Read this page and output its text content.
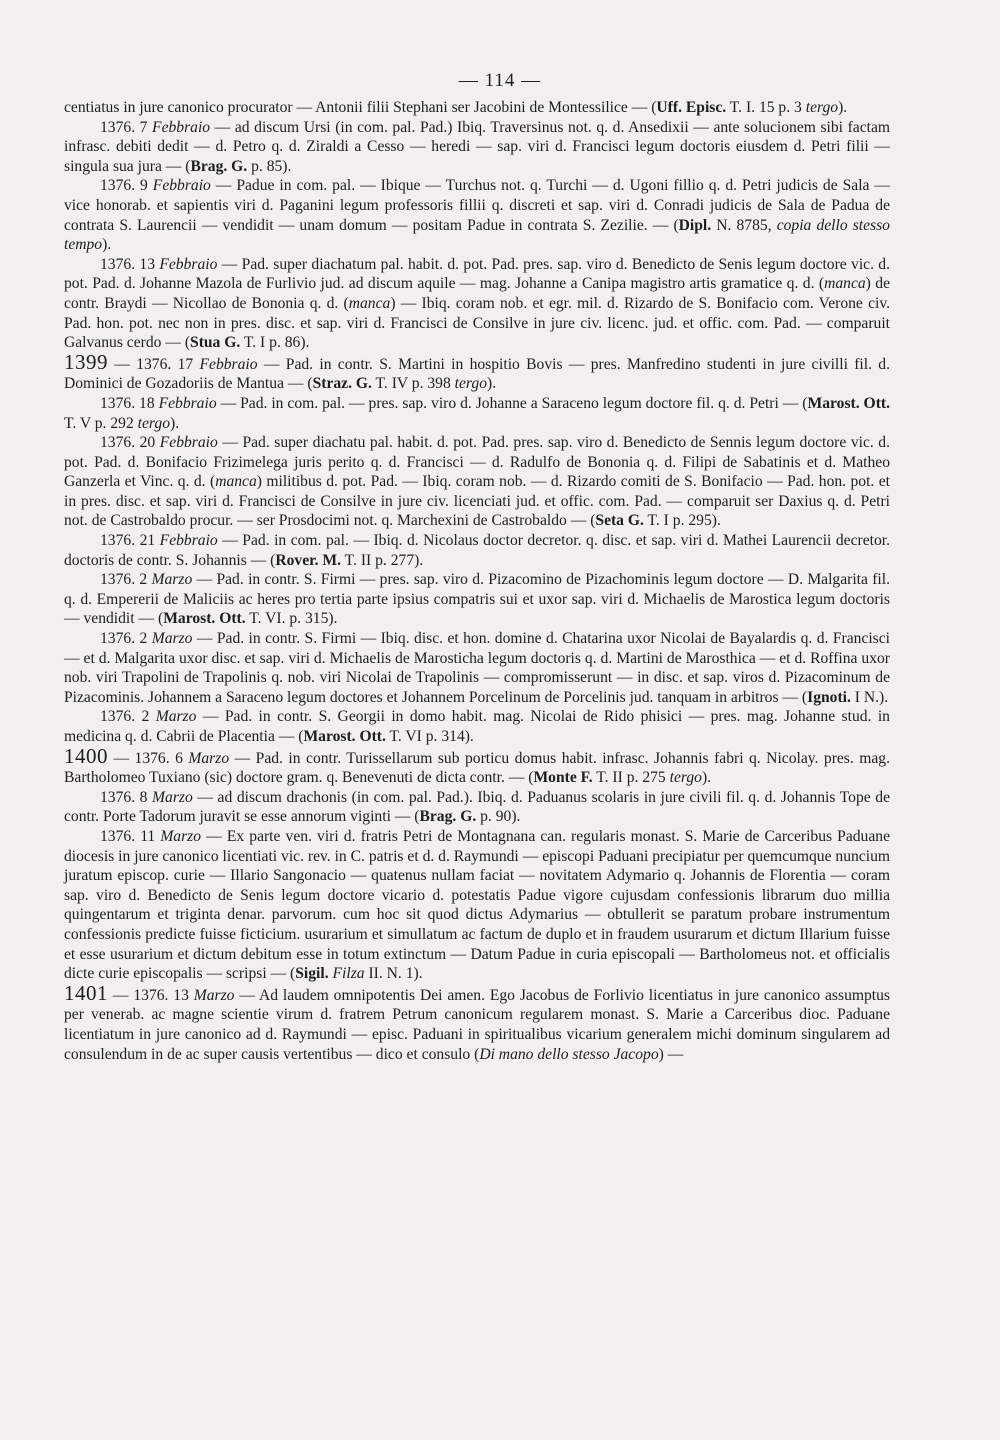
— 114 —

centiatus in jure canonico procurator — Antonii filii Stephani ser Jacobini de Montessilice — (Uff. Episc. T. I. 15 p. 3 tergo).

1376. 7 Febbraio — ad discum Ursi (in com. pal. Pad.) Ibiq. Traversinus not. q. d. Ansedixii — ante solucionem sibi factam infrasc. debiti dedit — d. Petro q. d. Ziraldi a Cesso — heredi — sap. viri d. Francisci legum doctoris eiusdem d. Petri filii — singula sua jura — (Brag. G. p. 85).

1376. 9 Febbraio — Padue in com. pal. — Ibique — Turchus not. q. Turchi — d. Ugoni fillio q. d. Petri judicis de Sala — vice honorab. et sapientis viri d. Paganini legum professoris fillii q. discreti et sap. viri d. Conradi judicis de Sala de Padua de contrata S. Laurencii — vendidit — unam domum — positam Padue in contrata S. Zezilie. — (Dipl. N. 8785, copia dello stesso tempo).

1376. 13 Febbraio — Pad. super diachatum pal. habit. d. pot. Pad. pres. sap. viro d. Benedicto de Senis legum doctore vic. d. pot. Pad. d. Johanne Mazola de Furlivio jud. ad discum aquile — mag. Johanne a Canipa magistro artis gramatice q. d. (manca) de contr. Braydi — Nicollao de Bononia q. d. (manca) — Ibiq. coram nob. et egr. mil. d. Rizardo de S. Bonifacio com. Verone civ. Pad. hon. pot. nec non in pres. disc. et sap. viri d. Francisci de Consilve in jure civ. licenc. jud. et offic. com. Pad. — comparuit Galvanus cerdo — (Stua G. T. I p. 86).

1399 — 1376. 17 Febbraio — Pad. in contr. S. Martini in hospitio Bovis — pres. Manfredino studenti in jure civilli fil. d. Dominici de Gozadoriis de Mantua — (Straz. G. T. IV p. 398 tergo).

1376. 18 Febbraio — Pad. in com. pal. — pres. sap. viro d. Johanne a Saraceno legum doctore fil. q. d. Petri — (Marost. Ott. T. V p. 292 tergo).

1376. 20 Febbraio — Pad. super diachatu pal. habit. d. pot. Pad. pres. sap. viro d. Benedicto de Sennis legum doctore vic. d. pot. Pad. d. Bonifacio Frizimelega juris perito q. d. Francisci — d. Radulfo de Bononia q. d. Filipi de Sabatinis et d. Matheo Ganzerla et Vinc. q. d. (manca) militibus d. pot. Pad. — Ibiq. coram nob. — d. Rizardo comiti de S. Bonifacio — Pad. hon. pot. et in pres. disc. et sap. viri d. Francisci de Consilve in jure civ. licenciati jud. et offic. com. Pad. — comparuit ser Daxius q. d. Petri not. de Castrobaldo procur. — ser Prosdocimi not. q. Marchexini de Castrobaldo — (Seta G. T. I p. 295).

1376. 21 Febbraio — Pad. in com. pal. — Ibiq. d. Nicolaus doctor decretor. q. disc. et sap. viri d. Mathei Laurencii decretor. doctoris de contr. S. Johannis — (Rover. M. T. II p. 277).

1376. 2 Marzo — Pad. in contr. S. Firmi — pres. sap. viro d. Pizacomino de Pizachominis legum doctore — D. Malgarita fil. q. d. Empererii de Maliciis ac heres pro tertia parte ipsius compatris sui et uxor sap. viri d. Michaelis de Marostica legum doctoris — vendidit — (Marost. Ott. T. VI. p. 315).

1376. 2 Marzo — Pad. in contr. S. Firmi — Ibiq. disc. et hon. domine d. Chatarina uxor Nicolai de Bayalardis q. d. Francisci — et d. Malgarita uxor disc. et sap. viri d. Michaelis de Marosticha legum doctoris q. d. Martini de Marosthica — et d. Roffina uxor nob. viri Trapolini de Trapolinis q. nob. viri Nicolai de Trapolinis — compromisserunt — in disc. et sap. viros d. Pizacominum de Pizacominis. Johannem a Saraceno legum doctores et Johannem Porcelinum de Porcelinis jud. tanquam in arbitros — (Ignoti. I N.).

1376. 2 Marzo — Pad. in contr. S. Georgii in domo habit. mag. Nicolai de Rido phisici — pres. mag. Johanne stud. in medicina q. d. Cabrii de Placentia — (Marost. Ott. T. VI p. 314).

1400 — 1376. 6 Marzo — Pad. in contr. Turissellarum sub porticu domus habit. infrasc. Johannis fabri q. Nicolay. pres. mag. Bartholomeo Tuxiano (sic) doctore gram. q. Benevenuti de dicta contr. — (Monte F. T. II p. 275 tergo).

1376. 8 Marzo — ad discum drachonis (in com. pal. Pad.). Ibiq. d. Paduanus scolaris in jure civili fil. q. d. Johannis Tope de contr. Porte Tadorum juravit se esse annorum viginti — (Brag. G. p. 90).

1376. 11 Marzo — Ex parte ven. viri d. fratris Petri de Montagnana can. regularis monast. S. Marie de Carceribus Paduane diocesis in jure canonico licentiati vic. rev. in C. patris et d. d. Raymundi — episcopi Paduani precipiatur per quemcumque nuncium juratum episcop. curie — Illario Sangonacio — quatenus nullam faciat — novitatem Adymario q. Johannis de Florentia — coram sap. viro d. Benedicto de Senis legum doctore vicario d. potestatis Padue vigore cujusdam confessionis librarum duo millia quingentarum et triginta denar. parvorum. cum hoc sit quod dictus Adymarius — obtullerit se paratum probare instrumentum confessionis predicte fuisse ficticium. usurarium et simullatum ac factum de duplo et in fraudem usurarum et dictum Illarium fuisse et esse usurarium et dictum debitum esse in totum extinctum — Datum Padue in curia episcopali — Bartholomeus not. et officialis dicte curie episcopalis — scripsi — (Sigil. Filza II. N. 1).

1401 — 1376. 13 Marzo — Ad laudem omnipotentis Dei amen. Ego Jacobus de Forlivio licentiatus in jure canonico assumptus per venerab. ac magne scientie virum d. fratrem Petrum canonicum regularem monast. S. Marie a Carceribus dioc. Paduane licentiatum in jure canonico ad d. Raymundi — episc. Paduani in spiritualibus vicarium generalem michi dominum singularem ad consulendum in de ac super causis vertentibus — dico et consulo (Di mano dello stesso Jacopo) —
